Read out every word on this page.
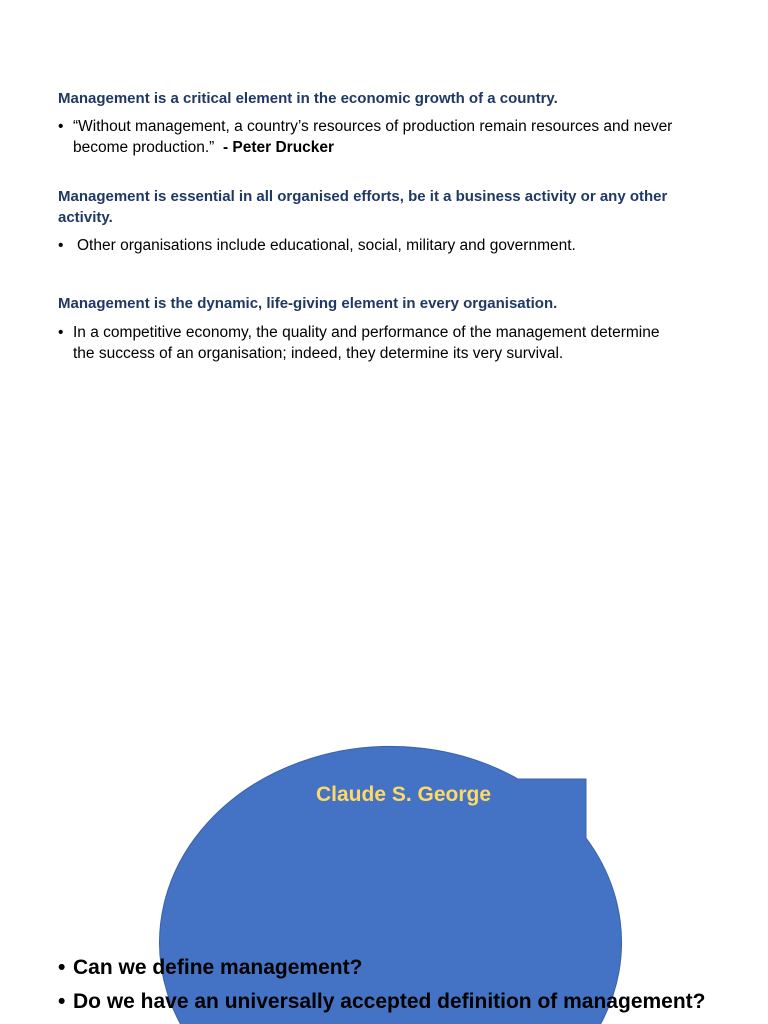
Management is a critical element in the economic growth of a country.

• “Without management, a country’s resources of production remain resources and never become production.” - Peter Drucker

Management is essential in all organised efforts, be it a business activity or any other activity.

• Other organisations include educational, social, military and government.

Management is the dynamic, life-giving element in every organisation.

• In a competitive economy, the quality and performance of the management determine the success of an organisation; indeed, they determine its very survival.

“Management is the central core of our national as well as personal activities, and the way we manage ourselves and our institutions reflects with alarming clarity what we and our society will become.”

Claude S. George

• Can we define management?
• Do we have an universally accepted definition of management?
